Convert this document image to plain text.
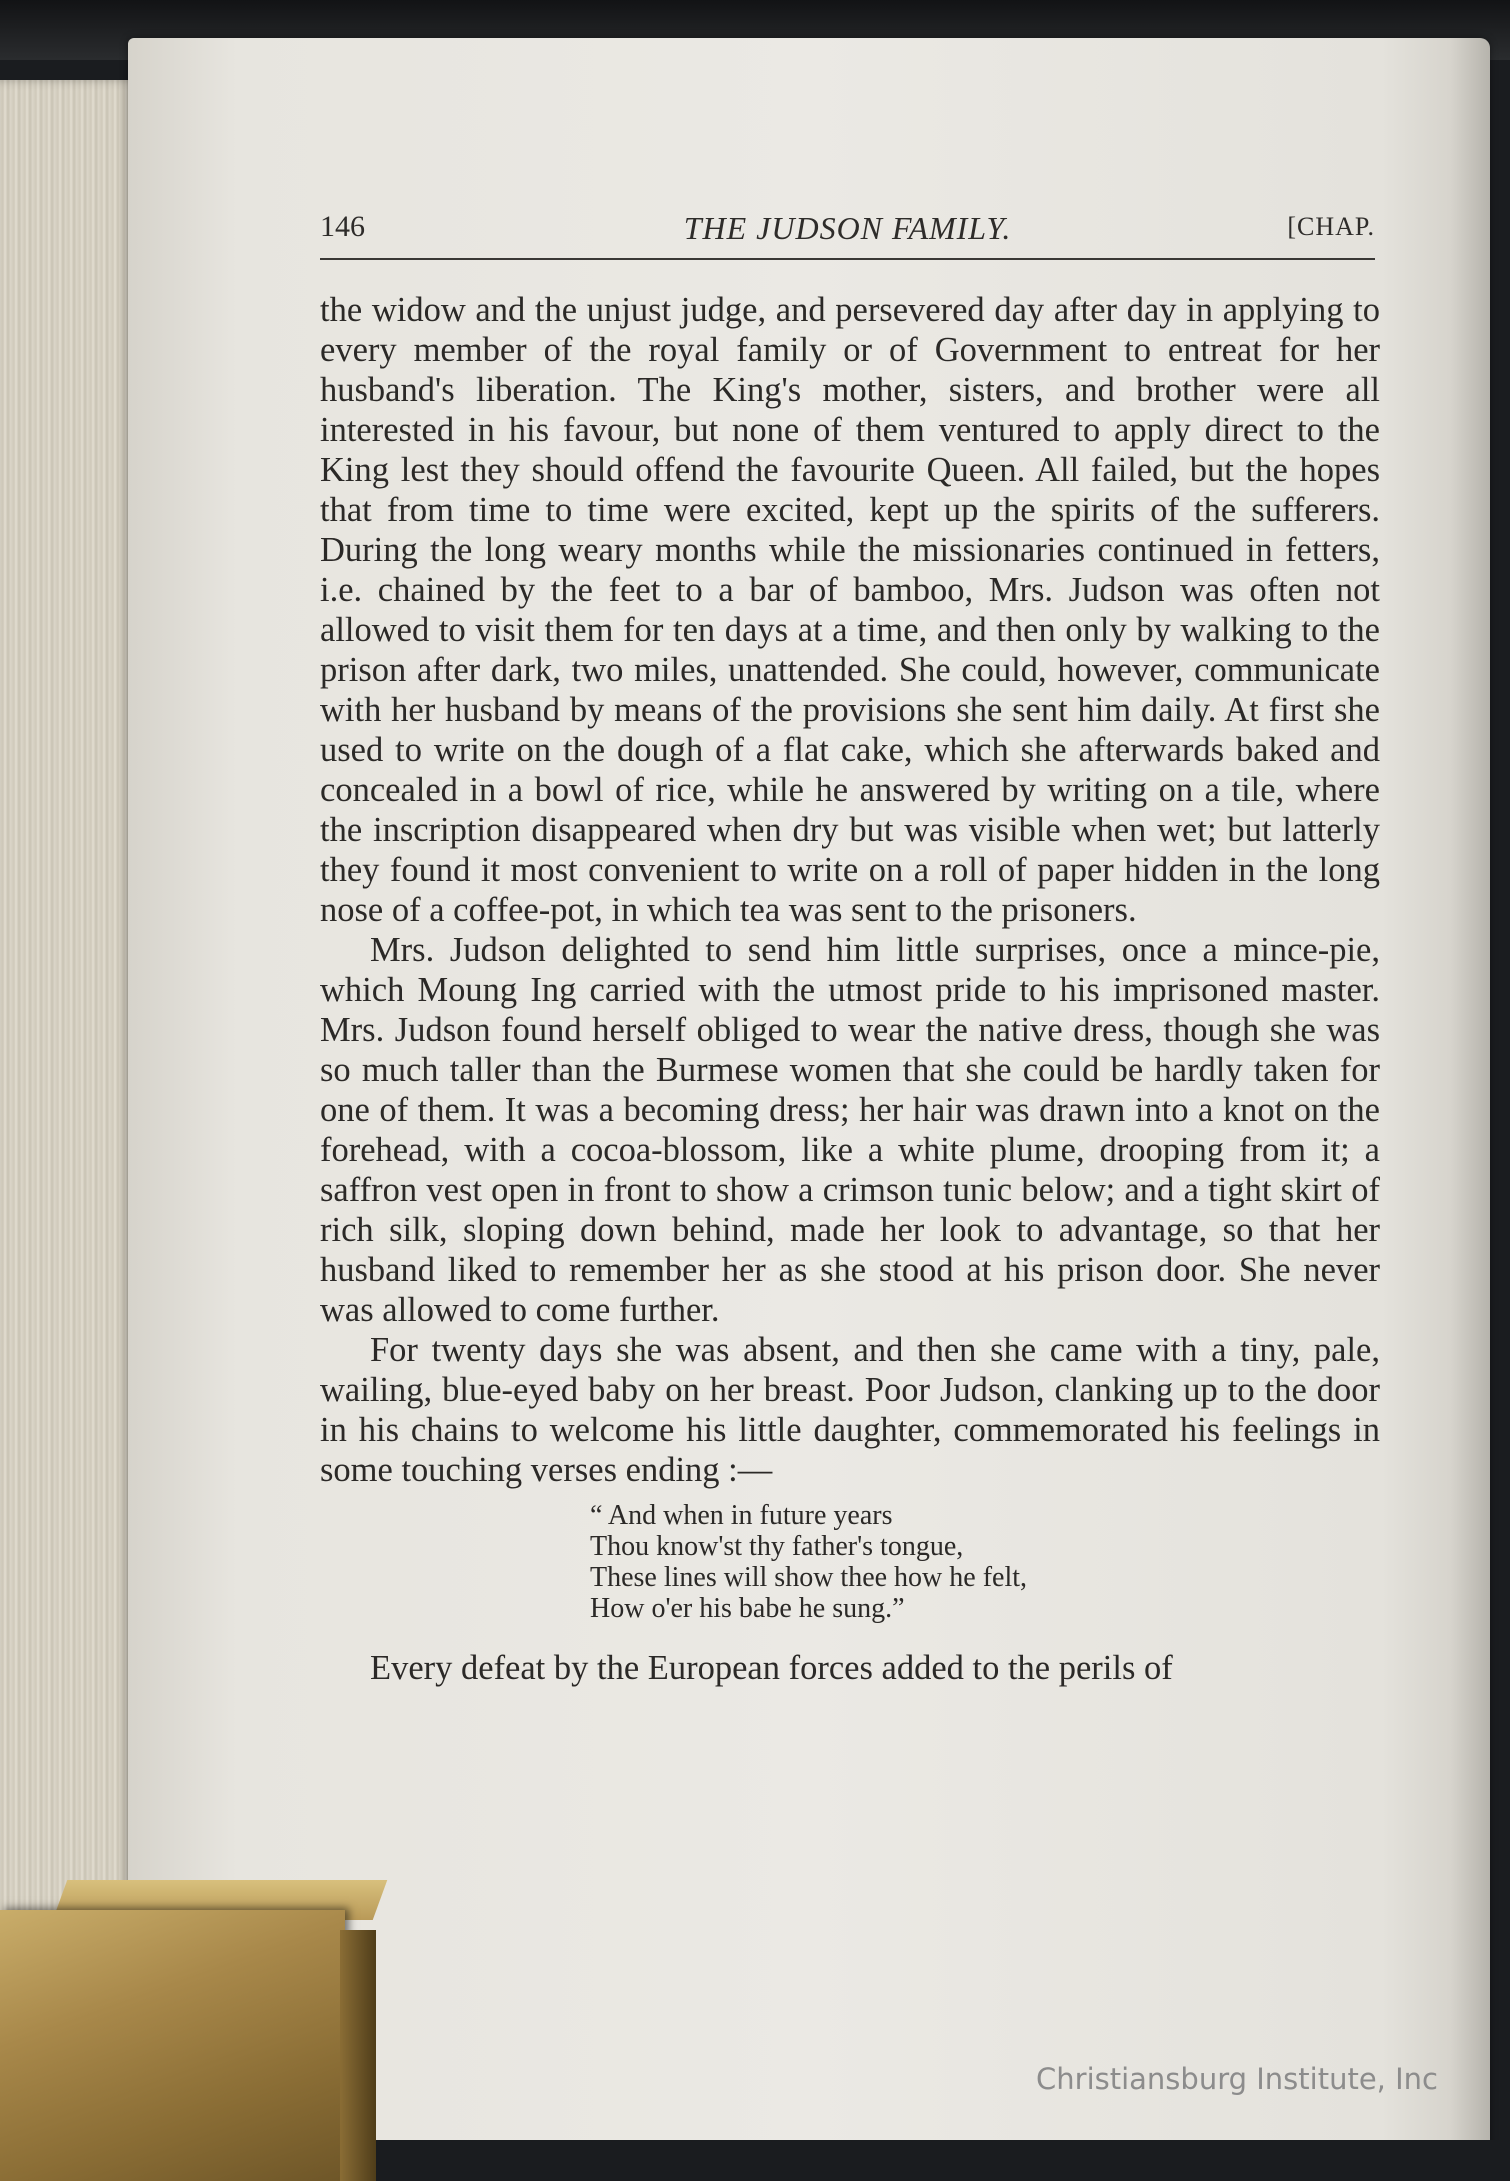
146	THE JUDSON FAMILY.	[CHAP.

the widow and the unjust judge, and persevered day after day in applying to every member of the royal family or of Government to entreat for her husband's liberation. The King's mother, sisters, and brother were all interested in his favour, but none of them ventured to apply direct to the King lest they should offend the favourite Queen. All failed, but the hopes that from time to time were excited, kept up the spirits of the sufferers. During the long weary months while the missionaries continued in fetters, i.e. chained by the feet to a bar of bamboo, Mrs. Judson was often not allowed to visit them for ten days at a time, and then only by walking to the prison after dark, two miles, unattended. She could, however, communicate with her husband by means of the provisions she sent him daily. At first she used to write on the dough of a flat cake, which she afterwards baked and concealed in a bowl of rice, while he answered by writing on a tile, where the inscription disappeared when dry but was visible when wet; but latterly they found it most convenient to write on a roll of paper hidden in the long nose of a coffee-pot, in which tea was sent to the prisoners.

Mrs. Judson delighted to send him little surprises, once a mince-pie, which Moung Ing carried with the utmost pride to his imprisoned master. Mrs. Judson found herself obliged to wear the native dress, though she was so much taller than the Burmese women that she could be hardly taken for one of them. It was a becoming dress; her hair was drawn into a knot on the forehead, with a cocoa-blossom, like a white plume, drooping from it; a saffron vest open in front to show a crimson tunic below; and a tight skirt of rich silk, sloping down behind, made her look to advantage, so that her husband liked to remember her as she stood at his prison door. She never was allowed to come further.

For twenty days she was absent, and then she came with a tiny, pale, wailing, blue-eyed baby on her breast. Poor Judson, clanking up to the door in his chains to welcome his little daughter, commemorated his feelings in some touching verses ending :—

“ And when in future years
Thou know'st thy father's tongue,
These lines will show thee how he felt,
How o'er his babe he sung.”

Every defeat by the European forces added to the perils of

Christiansburg Institute, Inc
